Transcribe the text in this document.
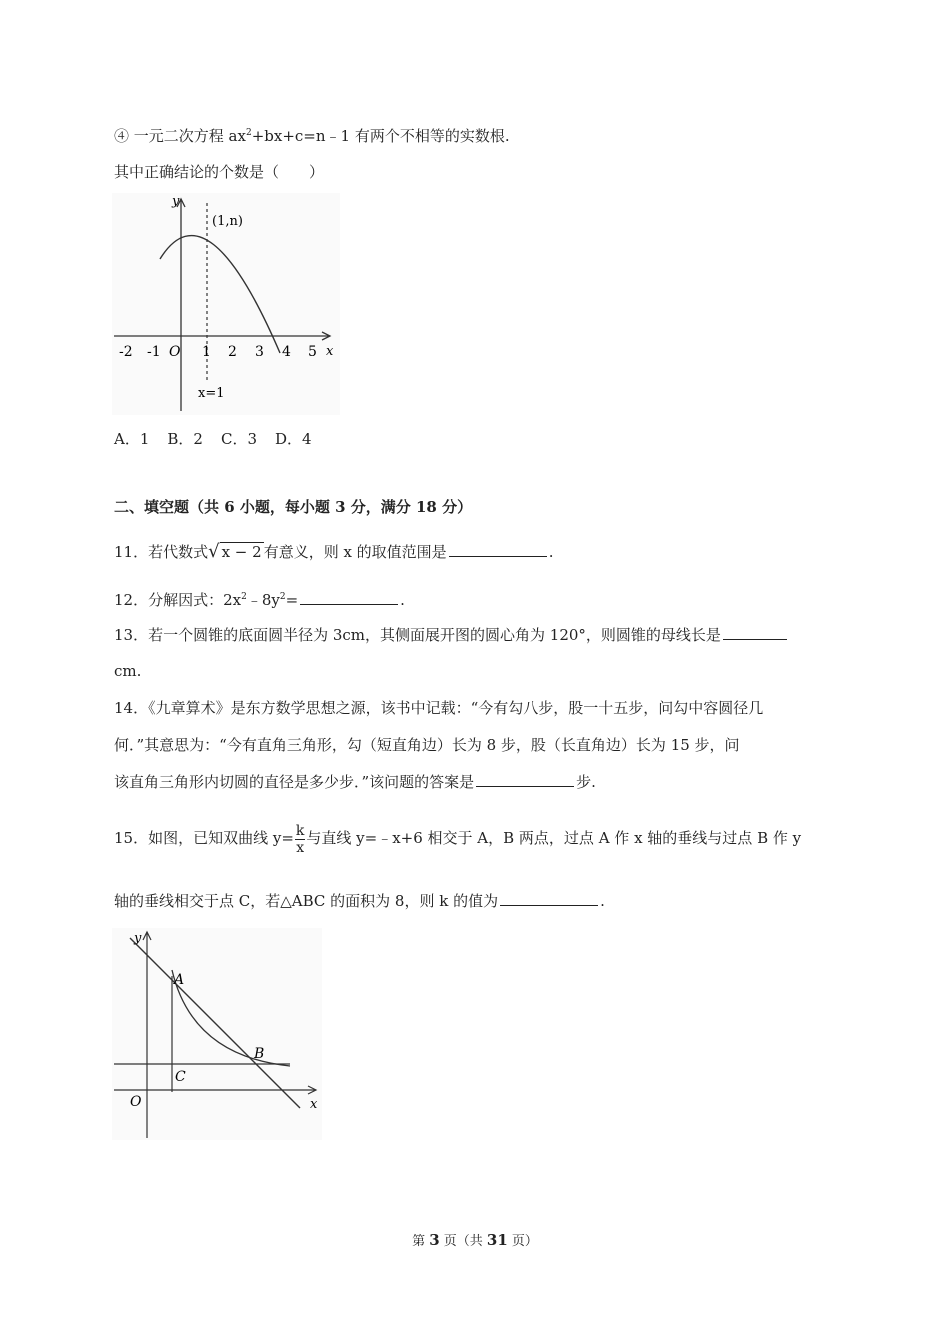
④ 一元二次方程 $ax^2+bx+c=n﹣1$ 有两个不相等的实数根.
其中正确结论的个数是（　　）
y
x
(1,n)
x=1
O
-2 -1	1 2 3 4 5
A．1 B．2 C．3 D．4
二、填空题（共 6 小题，每小题 3 分，满分 18 分）
11．若代数式√ x − 2 有意义，则 x 的取值范围是	.
12．分解因式：$2x^2﹣8y^2=$	.
13．若一个圆锥的底面圆半径为 3cm，其侧面展开图的圆心角为 120°，则圆锥的母线长是
cm.
14．《九章算术》是东方数学思想之源，该书中记载：“今有勾八步，股一十五步，问勾中容圆径几
何．”其意思为：“今有直角三角形，勾（短直角边）长为 8 步，股（长直角边）长为 15 步，问
该直角三角形内切圆的直径是多少步．”该问题的答案是	步.
15．如图，已知双曲线 $y= \frac{k}{x}$ 与直线 y=﹣x+6 相交于 A，B 两点，过点 A 作 x 轴的垂线与过点 B 作 y
轴的垂线相交于点 C，若△ABC 的面积为 8，则 k 的值为	.
y
x
O
A
B
C
第 3 页（共 31 页）
